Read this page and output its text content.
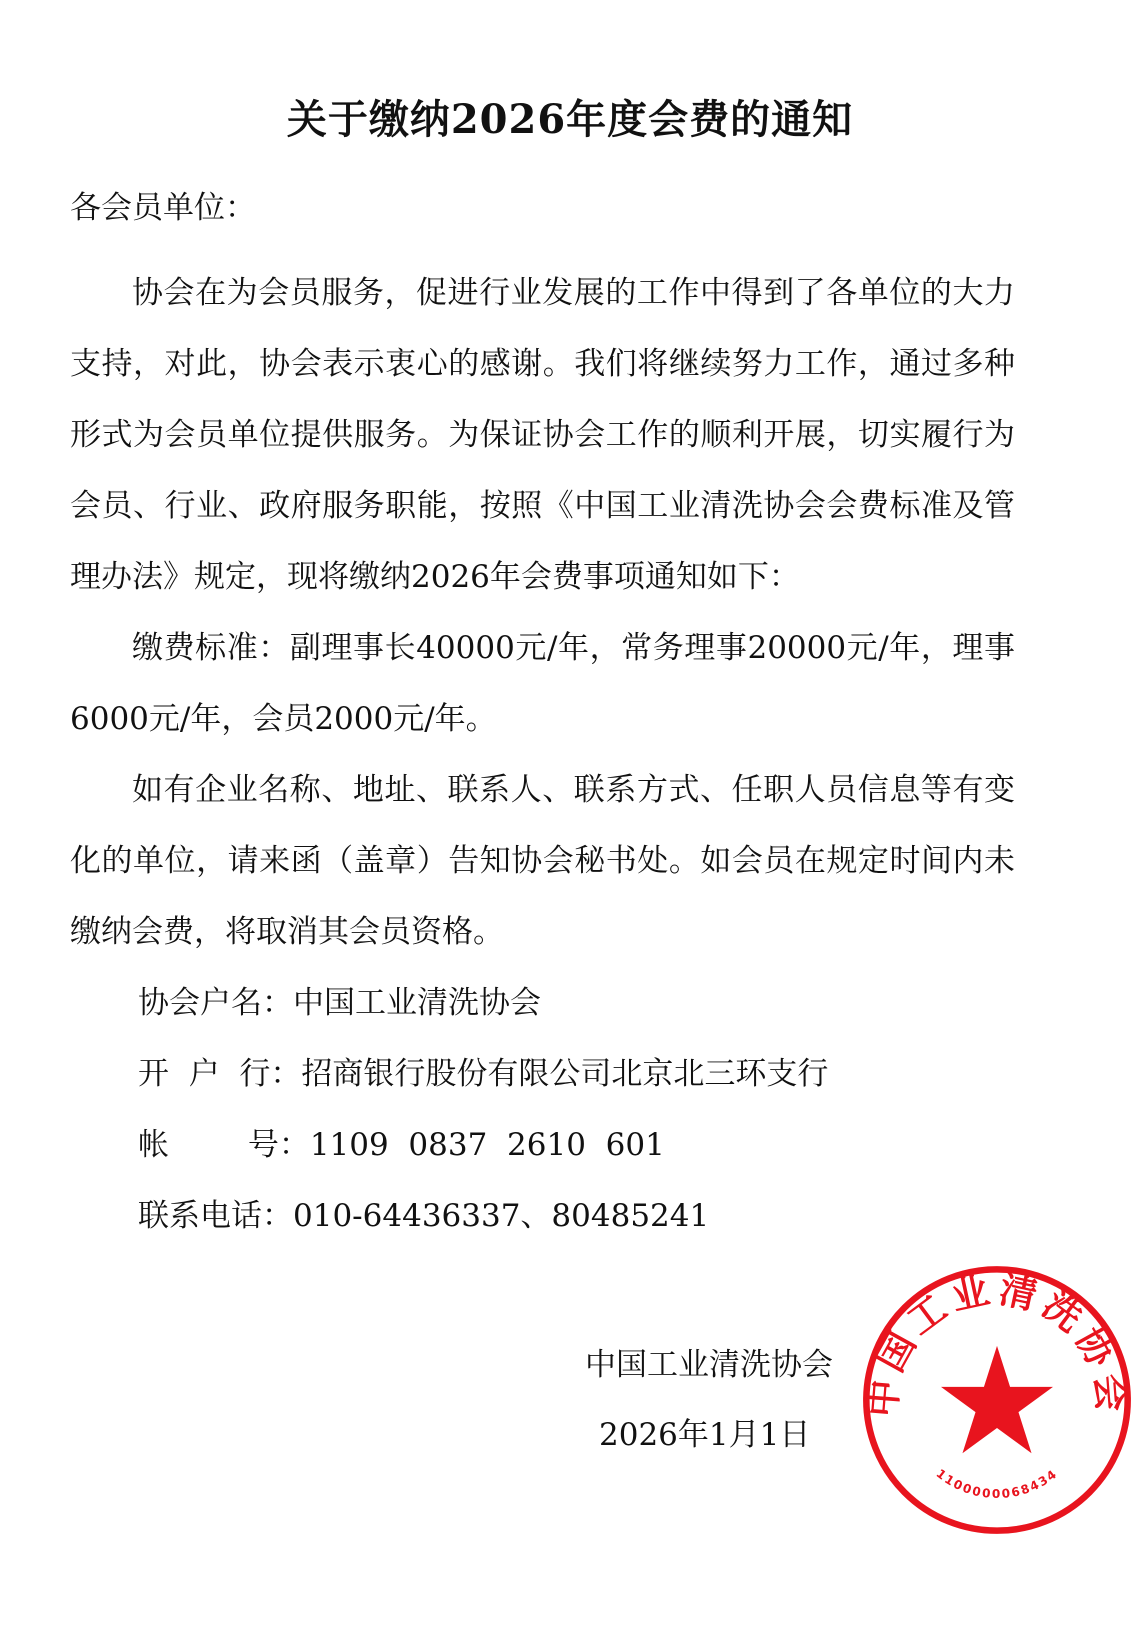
关于缴纳2026年度会费的通知
各会员单位：

协会在为会员服务，促进行业发展的工作中得到了各单位的大力支持，对此，协会表示衷心的感谢。我们将继续努力工作，通过多种形式为会员单位提供服务。为保证协会工作的顺利开展，切实履行为会员、行业、政府服务职能，按照《中国工业清洗协会会费标准及管理办法》规定，现将缴纳2026年会费事项通知如下：

缴费标准：副理事长40000元/年，常务理事20000元/年，理事6000元/年，会员2000元/年。

如有企业名称、地址、联系人、联系方式、任职人员信息等有变化的单位，请来函（盖章）告知协会秘书处。如会员在规定时间内未缴纳会费，将取消其会员资格。

协会户名：中国工业清洗协会
开  户  行：招商银行股份有限公司北京北三环支行
帐        号：1109  0837  2610  601
联系电话：010-64436337、80485241
中国工业清洗协会
2026年1月1日
中国工业清洗协会
1100000068434
